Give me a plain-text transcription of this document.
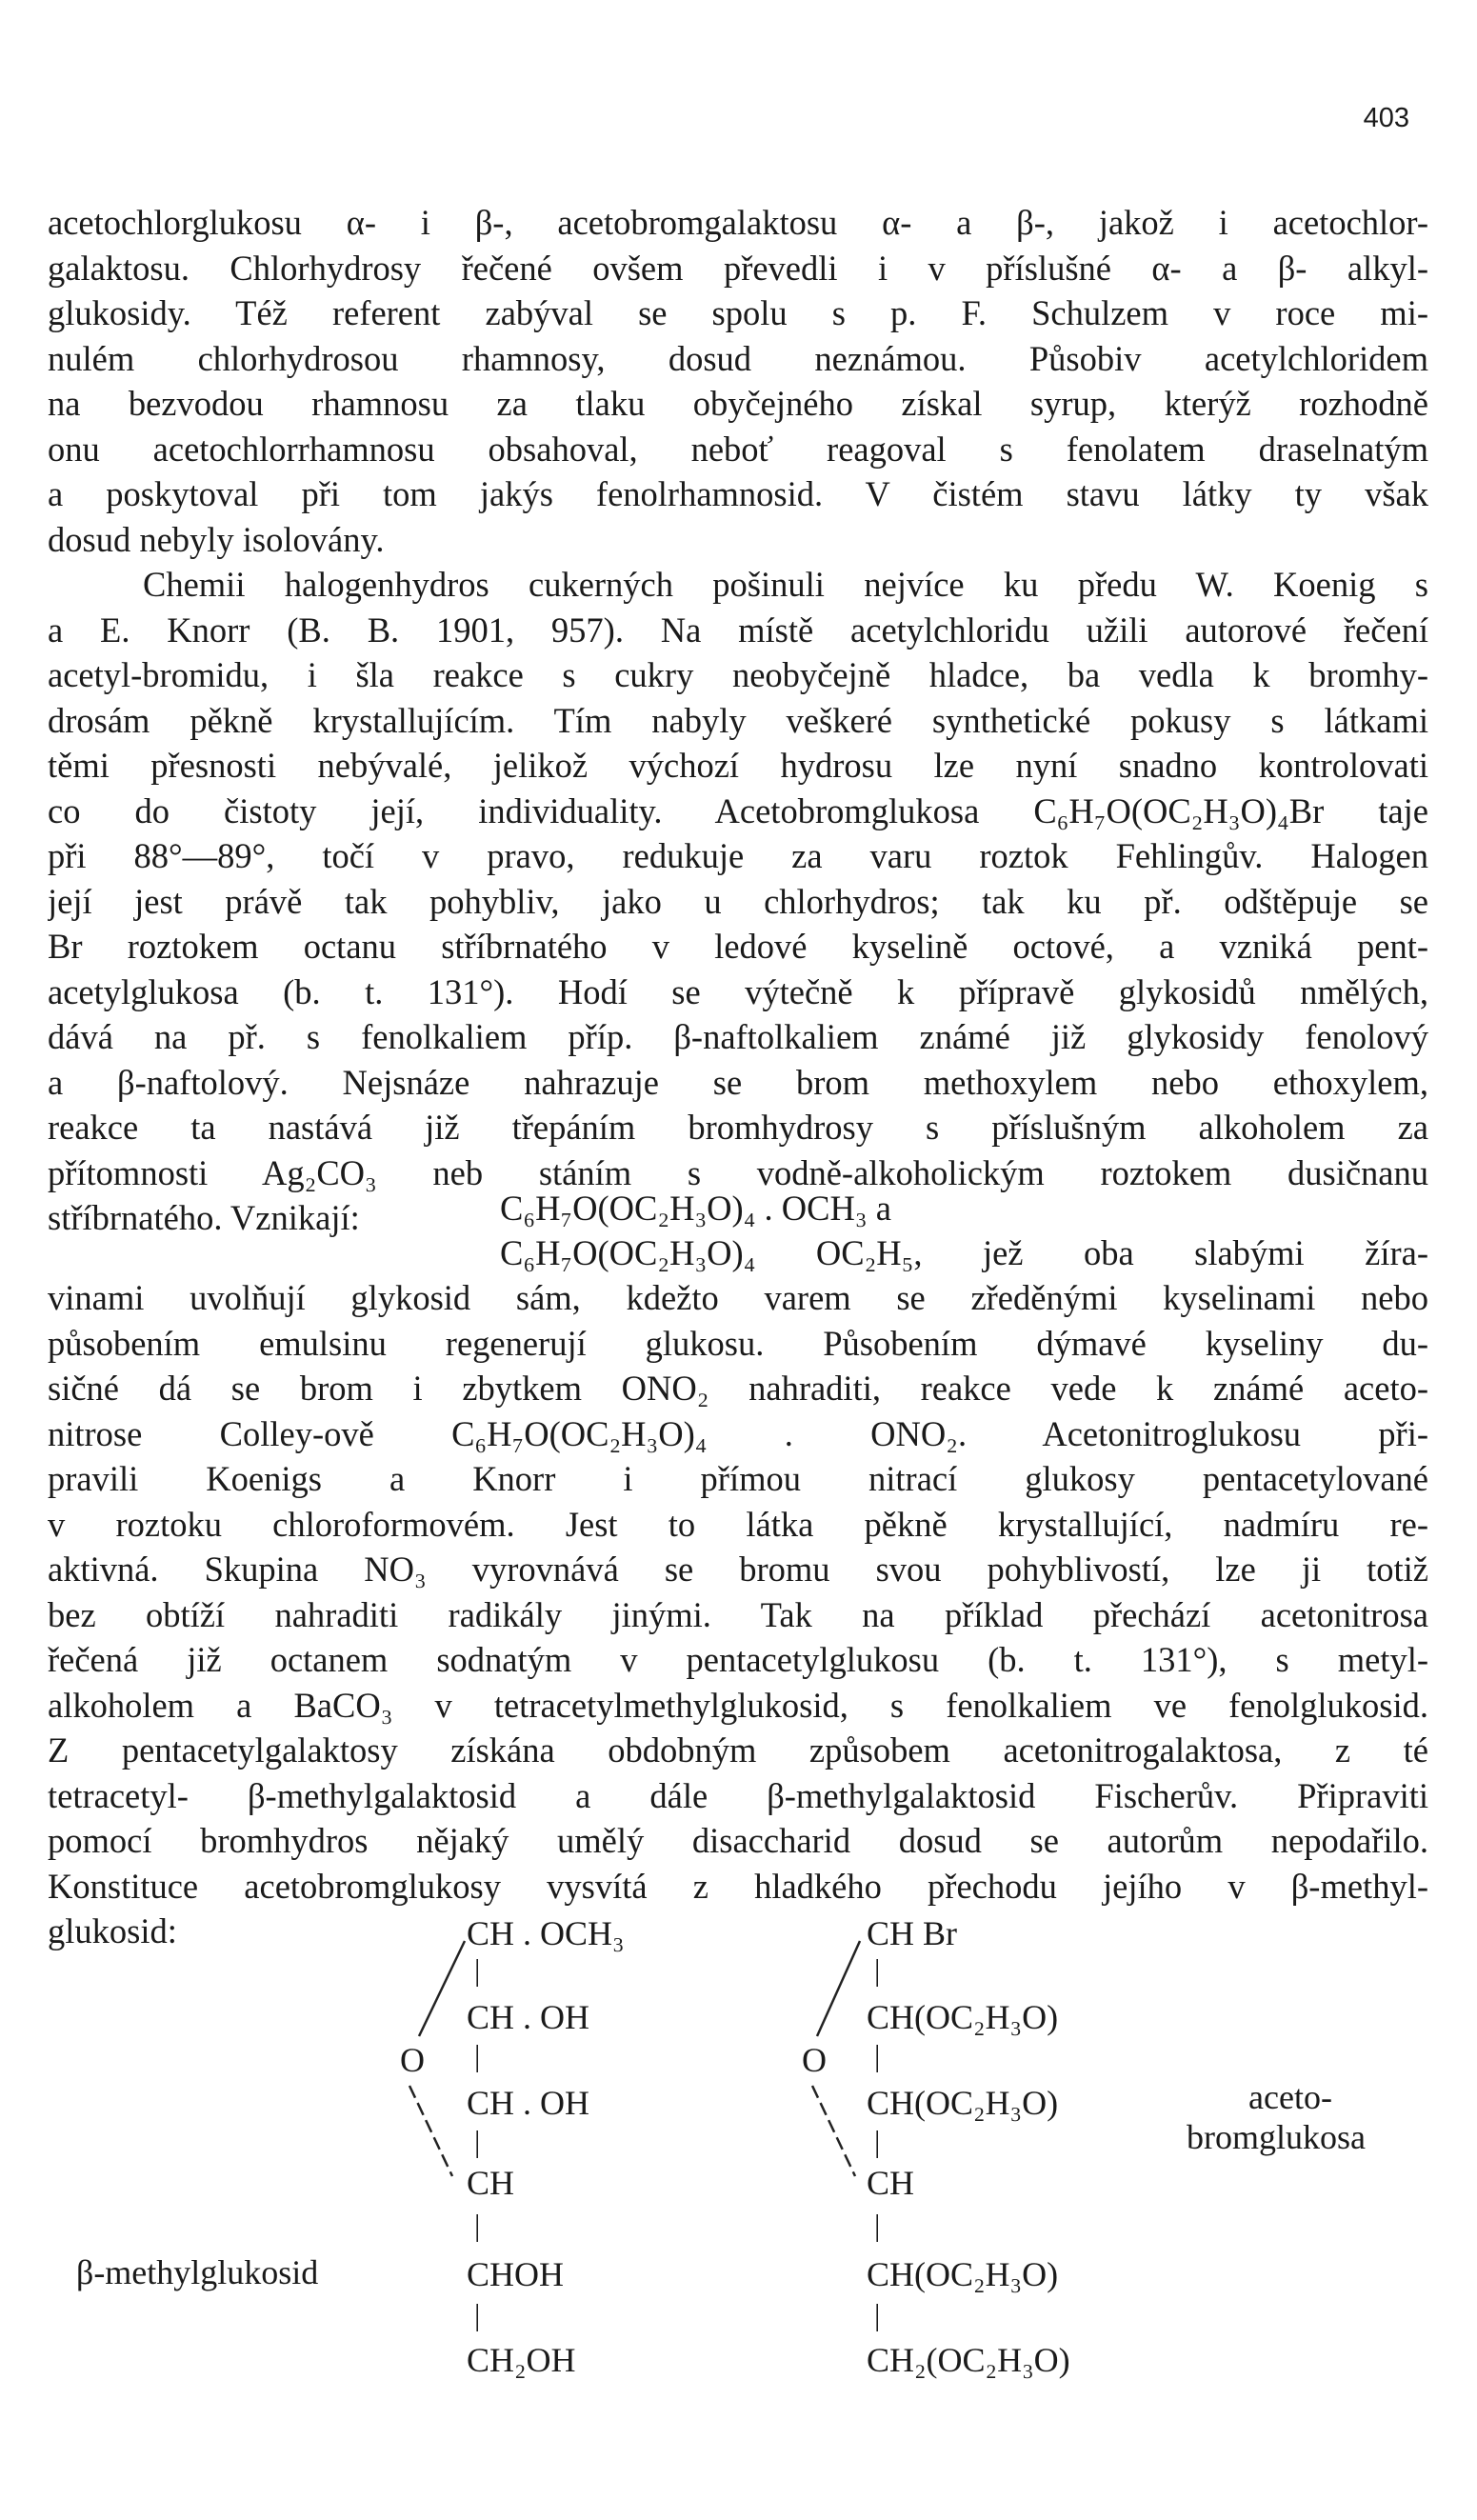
403
acetochlorglukosu α- i β-, acetobromgalaktosu α- a β-, jakož i acetochlor-
galaktosu. Chlorhydrosy řečené ovšem převedli i v příslušné α- a β- alkyl-
glukosidy. Též referent zabýval se spolu s p. F. Schulzem v roce mi-
nulém chlorhydrosou rhamnosy, dosud neznámou. Působiv acetylchloridem
na bezvodou rhamnosu za tlaku obyčejného získal syrup, kterýž rozhodně
onu acetochlorrhamnosu obsahoval, neboť reagoval s fenolatem draselnatým
a poskytoval při tom jakýs fenolrhamnosid. V čistém stavu látky ty však
dosud nebyly isolovány.
Chemii halogenhydros cukerných pošinuli nejvíce ku předu W. Koenig s
a E. Knorr (B. B. 1901, 957). Na místě acetylchloridu užili autorové řečení
acetyl-bromidu, i šla reakce s cukry neobyčejně hladce, ba vedla k bromhy-
drosám pěkně krystallujícím. Tím nabyly veškeré synthetické pokusy s látkami
těmi přesnosti nebývalé, jelikož výchozí hydrosu lze nyní snadno kontrolovati
co do čistoty její, individuality. Acetobromglukosa C₆H₇O(OC₂H₃O)₄Br taje
při 88°—89°, točí v pravo, redukuje za varu roztok Fehlingův. Halogen
její jest právě tak pohybliv, jako u chlorhydros; tak ku př. odštěpuje se
Br roztokem octanu stříbrnatého v ledové kyselině octové, a vzniká pent-
acetylglukosa (b. t. 131°). Hodí se výtečně k přípravě glykosidů nmělých,
dává na př. s fenolkaliem příp. β-naftolkaliem známé již glykosidy fenolový
a β-naftolový. Nejsnáze nahrazuje se brom methoxylem nebo ethoxylem,
reakce ta nastává již třepáním bromhydrosy s příslušným alkoholem za
přítomnosti Ag₂CO₃ neb stáním s vodně-alkoholickým roztokem dusičnanu
stříbrnatého. Vznikají:	C₆H₇O(OC₂H₃O)₄ . OCH₃ a
C₆H₇O(OC₂H₃O)₄ OC₂H₅, jež oba slabými žíra-
vinami uvolňují glykosid sám, kdežto varem se zředěnými kyselinami nebo
působením emulsinu regenerují glukosu. Působením dýmavé kyseliny du-
sičné dá se brom i zbytkem ONO₂ nahraditi, reakce vede k známé aceto-
nitrose Colley-ově C₆H₇O(OC₂H₃O)₄ . ONO₂. Acetonitroglukosu při-
pravili Koenigs a Knorr i přímou nitrací glukosy pentacetylované
v roztoku chloroformovém. Jest to látka pěkně krystallující, nadmíru re-
aktivná. Skupina NO₃ vyrovnává se bromu svou pohyblivostí, lze ji totiž
bez obtíží nahraditi radikály jinými. Tak na příklad přechází acetonitrosa
řečená již octanem sodnatým v pentacetylglukosu (b. t. 131°), s metyl-
alkoholem a BaCO₃ v tetracetylmethylglukosid, s fenolkaliem ve fenolglukosid.
Z pentacetylgalaktosy získána obdobným způsobem acetonitrogalaktosa, z té
tetracetyl- β-methylgalaktosid a dále β-methylgalaktosid Fischerův. Připraviti
pomocí bromhydros nějaký umělý disaccharid dosud se autorům nepodařilo.
Konstituce acetobromglukosy vysvítá z hladkého přechodu jejího v β-methyl-
glukosid:	CH . OCH₃
|
CH . OH
|
CH . OH
|
CH
|
CHOH
|
CH₂OH
O
β-methylglukosid
CH Br
|
CH(OC₂H₃O)
|
CH(OC₂H₃O)
|
CH
|
CH(OC₂H₃O)
|
CH₂(OC₂H₃O)
O
aceto-
bromglukosa
